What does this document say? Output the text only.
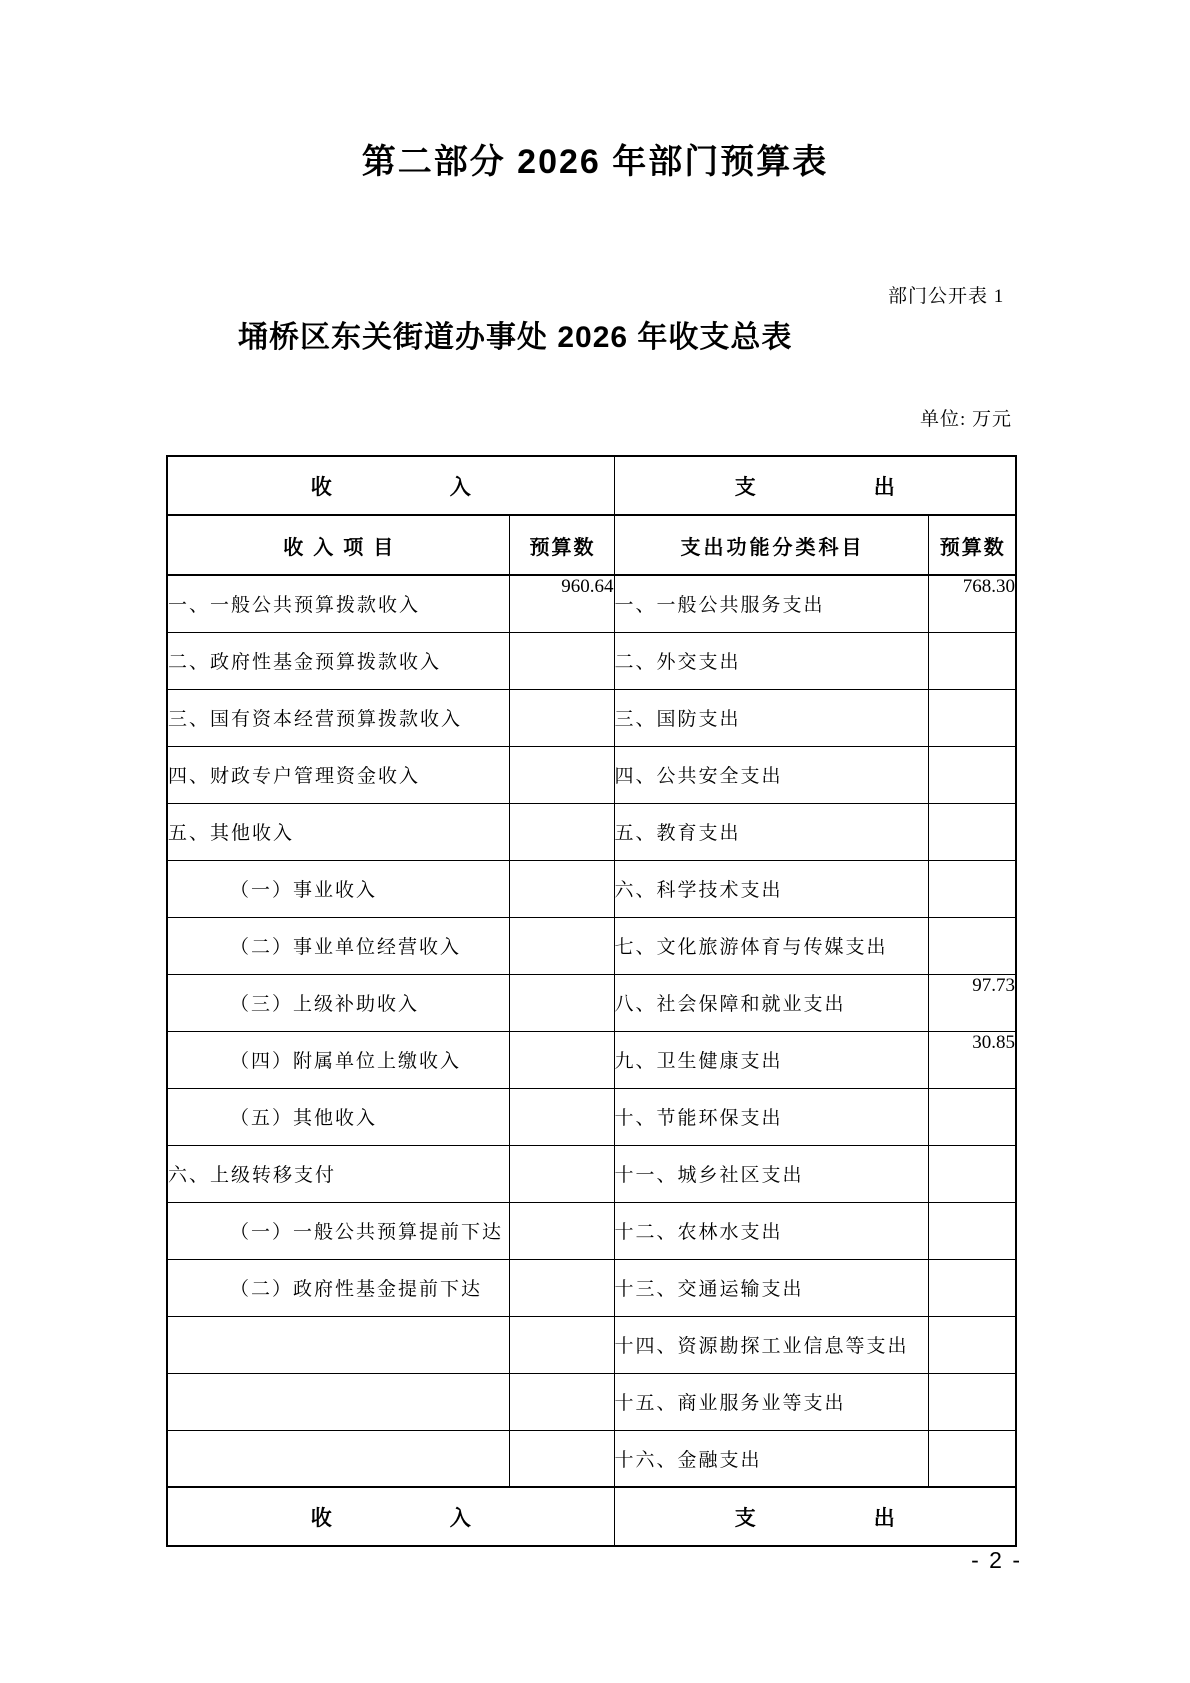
第二部分 2026 年部门预算表
部门公开表 1
埇桥区东关街道办事处 2026 年收支总表
单位: 万元
收 入		支 出	

收入项目	预算数	支出功能分类科目	预算数
一、一般公共预算拨款收入	960.64	一、一般公共服务支出	768.30
二、政府性基金预算拨款收入		二、外交支出	
三、国有资本经营预算拨款收入		三、国防支出	
四、财政专户管理资金收入		四、公共安全支出	
五、其他收入		五、教育支出	
（一）事业收入		六、科学技术支出	
（二）事业单位经营收入		七、文化旅游体育与传媒支出	
（三）上级补助收入		八、社会保障和就业支出	97.73
（四）附属单位上缴收入		九、卫生健康支出	30.85
（五）其他收入		十、节能环保支出	
六、上级转移支付		十一、城乡社区支出	
（一）一般公共预算提前下达		十二、农林水支出	
（二）政府性基金提前下达		十三、交通运输支出	
		十四、资源勘探工业信息等支出	
		十五、商业服务业等支出	
		十六、金融支出	

收 入		支 出	
- 2 -
